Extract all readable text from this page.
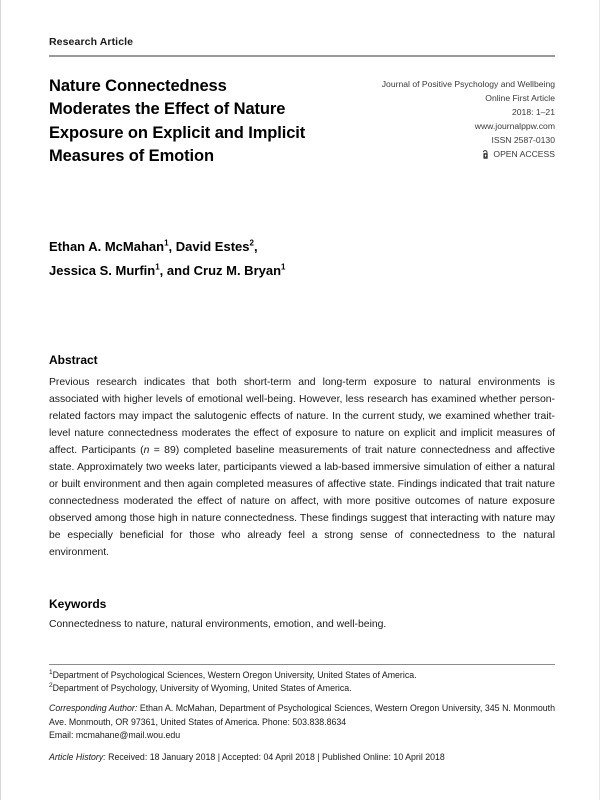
Research Article
Nature Connectedness
Moderates the Effect of Nature
Exposure on Explicit and Implicit
Measures of Emotion
Journal of Positive Psychology and Wellbeing
Online First Article
2018: 1–21
www.journalppw.com
ISSN 2587-0130
OPEN ACCESS
Ethan A. McMahan$^1$, David Estes$^2$,
Jessica S. Murfin$^1$, and Cruz M. Bryan$^1$
Abstract
Previous research indicates that both short-term and long-term exposure to natural environments is associated with higher levels of emotional well-being. However, less research has examined whether person-related factors may impact the salutogenic effects of nature. In the current study, we examined whether trait-level nature connectedness moderates the effect of exposure to nature on explicit and implicit measures of affect. Participants (n = 89) completed baseline measurements of trait nature connectedness and affective state. Approximately two weeks later, participants viewed a lab-based immersive simulation of either a natural or built environment and then again completed measures of affective state. Findings indicated that trait nature connectedness moderated the effect of nature on affect, with more positive outcomes of nature exposure observed among those high in nature connectedness. These findings suggest that interacting with nature may be especially beneficial for those who already feel a strong sense of connectedness to the natural environment.
Keywords
Connectedness to nature, natural environments, emotion, and well-being.
$^1$Department of Psychological Sciences, Western Oregon University, United States of America.
$^2$Department of Psychology, University of Wyoming, United States of America.
Corresponding Author: Ethan A. McMahan, Department of Psychological Sciences, Western Oregon University, 345 N. Monmouth Ave. Monmouth, OR 97361, United States of America. Phone: 503.838.8634
Email: mcmahane@mail.wou.edu
Article History: Received: 18 January 2018 | Accepted: 04 April 2018 | Published Online: 10 April 2018
